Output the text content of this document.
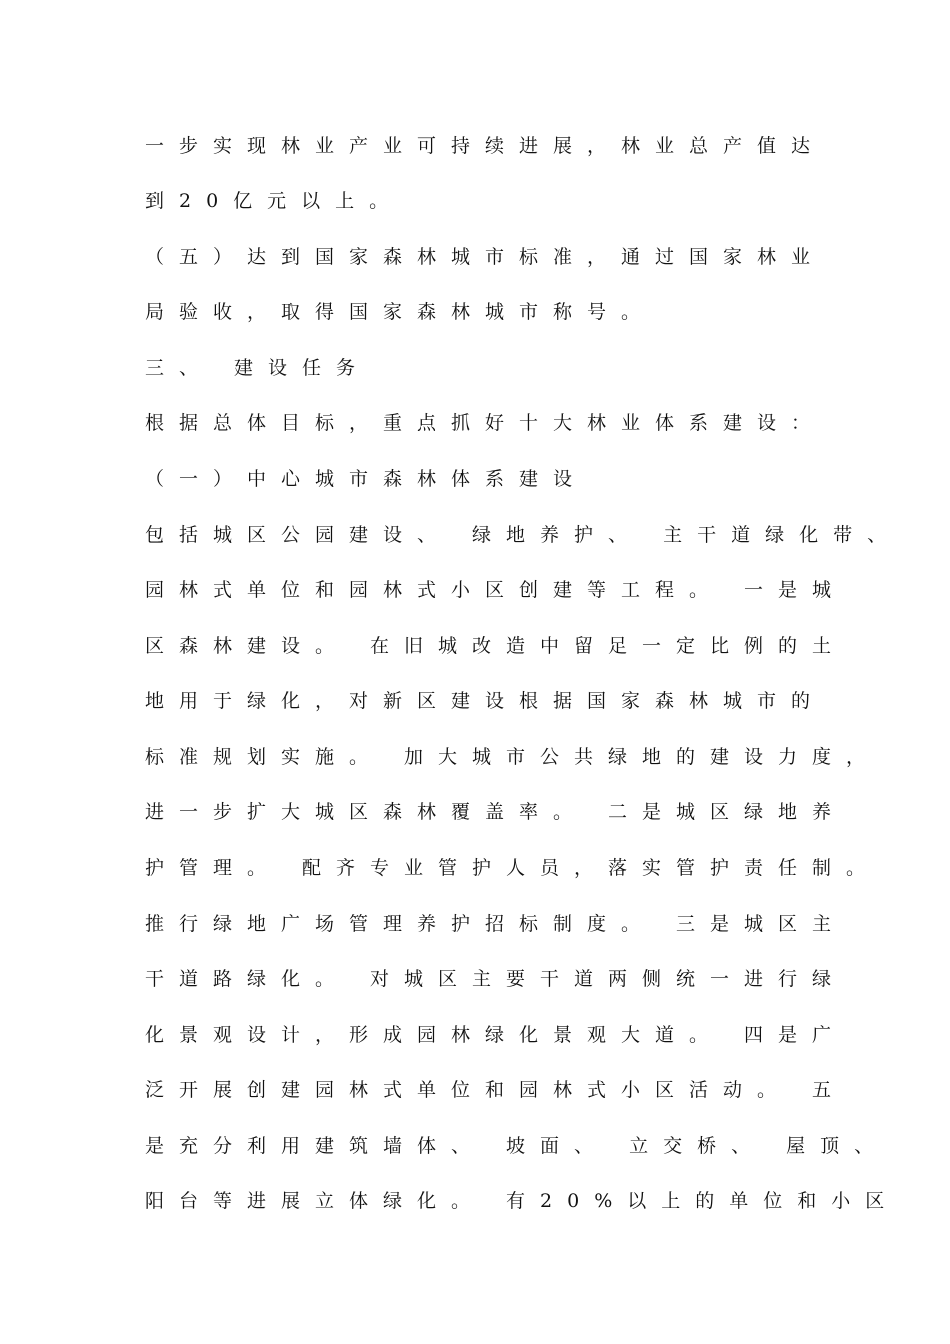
一步实现林业产业可持续进展，林业总产值达
到20亿元以上。
（五）达到国家森林城市标准，通过国家林业
局验收，取得国家森林城市称号。
三、 建设任务
根据总体目标，重点抓好十大林业体系建设：
（一）中心城市森林体系建设
包括城区公园建设、 绿地养护、 主干道绿化带、
园林式单位和园林式小区创建等工程。 一是城
区森林建设。 在旧城改造中留足一定比例的土
地用于绿化，对新区建设根据国家森林城市的
标准规划实施。 加大城市公共绿地的建设力度，
进一步扩大城区森林覆盖率。 二是城区绿地养
护管理。 配齐专业管护人员，落实管护责任制。
推行绿地广场管理养护招标制度。 三是城区主
干道路绿化。 对城区主要干道两侧统一进行绿
化景观设计，形成园林绿化景观大道。 四是广
泛开展创建园林式单位和园林式小区活动。 五
是充分利用建筑墙体、 坡面、 立交桥、 屋顶、
阳台等进展立体绿化。 有20%以上的单位和小区
